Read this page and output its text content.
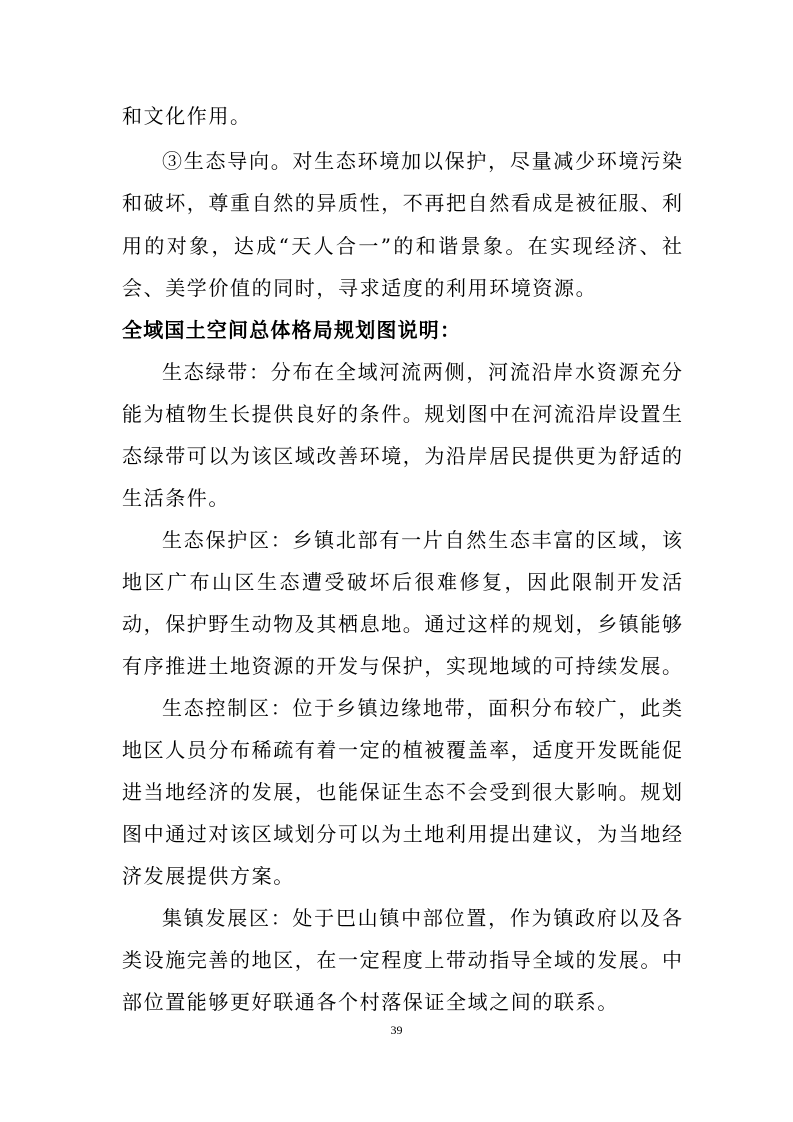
和文化作用。
③生态导向。对生态环境加以保护，尽量减少环境污染
和破坏，尊重自然的异质性，不再把自然看成是被征服、利
用的对象，达成“天人合一”的和谐景象。在实现经济、社
会、美学价值的同时，寻求适度的利用环境资源。
全域国土空间总体格局规划图说明：
生态绿带：分布在全域河流两侧，河流沿岸水资源充分
能为植物生长提供良好的条件。规划图中在河流沿岸设置生
态绿带可以为该区域改善环境，为沿岸居民提供更为舒适的
生活条件。
生态保护区：乡镇北部有一片自然生态丰富的区域，该
地区广布山区生态遭受破坏后很难修复，因此限制开发活
动，保护野生动物及其栖息地。通过这样的规划，乡镇能够
有序推进土地资源的开发与保护，实现地域的可持续发展。
生态控制区：位于乡镇边缘地带，面积分布较广，此类
地区人员分布稀疏有着一定的植被覆盖率，适度开发既能促
进当地经济的发展，也能保证生态不会受到很大影响。规划
图中通过对该区域划分可以为土地利用提出建议，为当地经
济发展提供方案。
集镇发展区：处于巴山镇中部位置，作为镇政府以及各
类设施完善的地区，在一定程度上带动指导全域的发展。中
部位置能够更好联通各个村落保证全域之间的联系。
39
